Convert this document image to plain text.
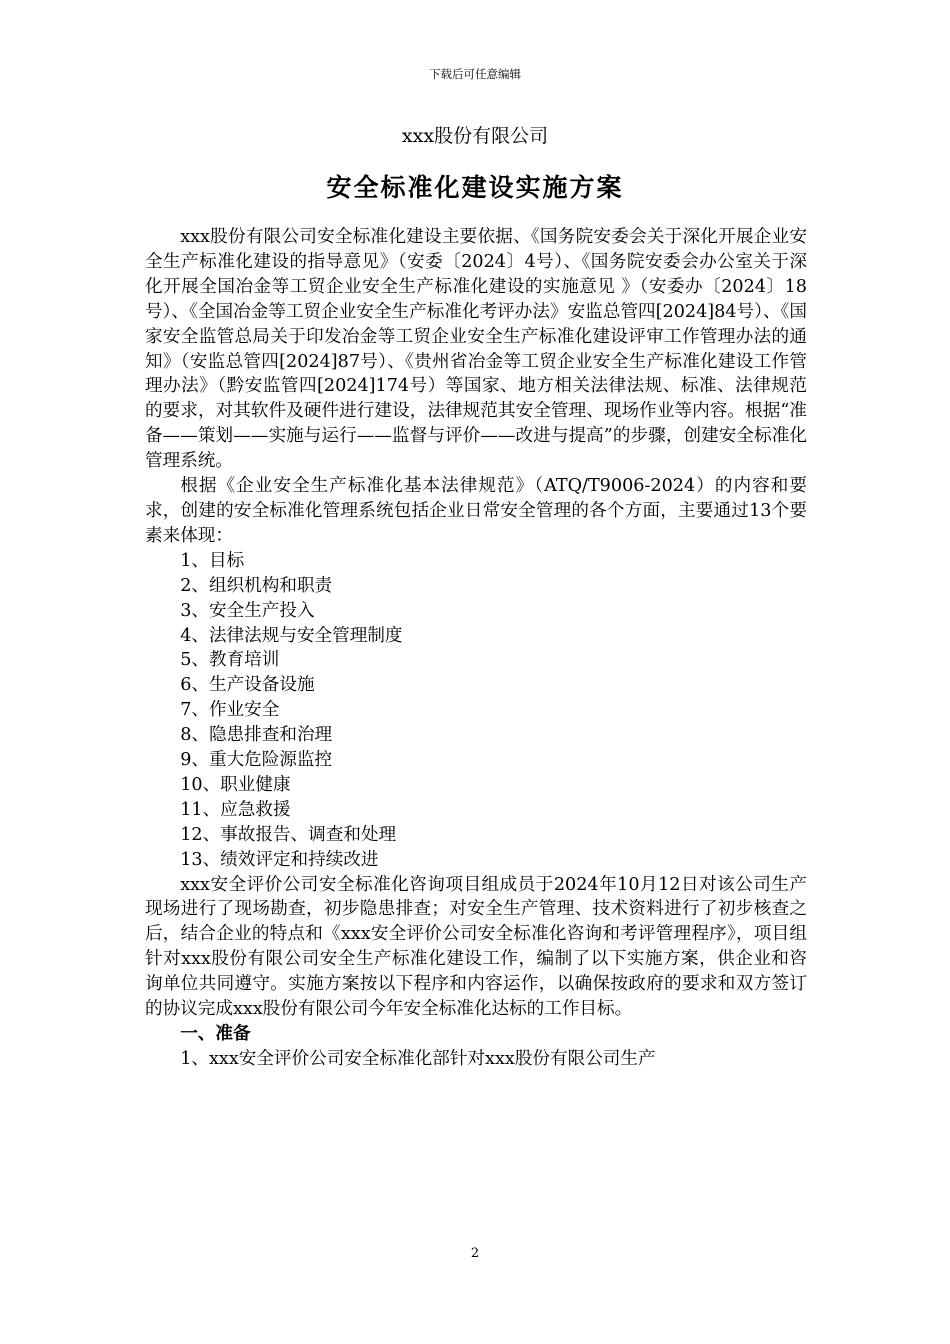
下载后可任意编辑
xxx股份有限公司
安全标准化建设实施方案

xxx股份有限公司安全标准化建设主要依据、《国务院安委会关于深化开展企业安全生产标准化建设的指导意见》（安委〔2024〕4号）、《国务院安委会办公室关于深化开展全国冶金等工贸企业安全生产标准化建设的实施意见 》（安委办〔2024〕18号）、《全国冶金等工贸企业安全生产标准化考评办法》安监总管四[2024]84号）、《国家安全监管总局关于印发冶金等工贸企业安全生产标准化建设评审工作管理办法的通知》（安监总管四[2024]87号）、《贵州省冶金等工贸企业安全生产标准化建设工作管理办法》（黔安监管四[2024]174号）等国家、地方相关法律法规、标准、法律规范的要求，对其软件及硬件进行建设，法律规范其安全管理、现场作业等内容。根据“准备——策划——实施与运行——监督与评价——改进与提高”的步骤，创建安全标准化管理系统。

根据《企业安全生产标准化基本法律规范》（ATQ/T9006-2024）的内容和要求，创建的安全标准化管理系统包括企业日常安全管理的各个方面，主要通过13个要素来体现：

1、目标
2、组织机构和职责
3、安全生产投入
4、法律法规与安全管理制度
5、教育培训
6、生产设备设施
7、作业安全
8、隐患排查和治理
9、重大危险源监控
10、职业健康
11、应急救援
12、事故报告、调查和处理
13、绩效评定和持续改进

xxx安全评价公司安全标准化咨询项目组成员于2024年10月12日对该公司生产现场进行了现场勘查，初步隐患排查；对安全生产管理、技术资料进行了初步核查之后，结合企业的特点和《xxx安全评价公司安全标准化咨询和考评管理程序》，项目组针对xxx股份有限公司安全生产标准化建设工作，编制了以下实施方案，供企业和咨询单位共同遵守。实施方案按以下程序和内容运作，以确保按政府的要求和双方签订的协议完成xxx股份有限公司今年安全标准化达标的工作目标。

一、准备

1、xxx安全评价公司安全标准化部针对xxx股份有限公司生产

2
